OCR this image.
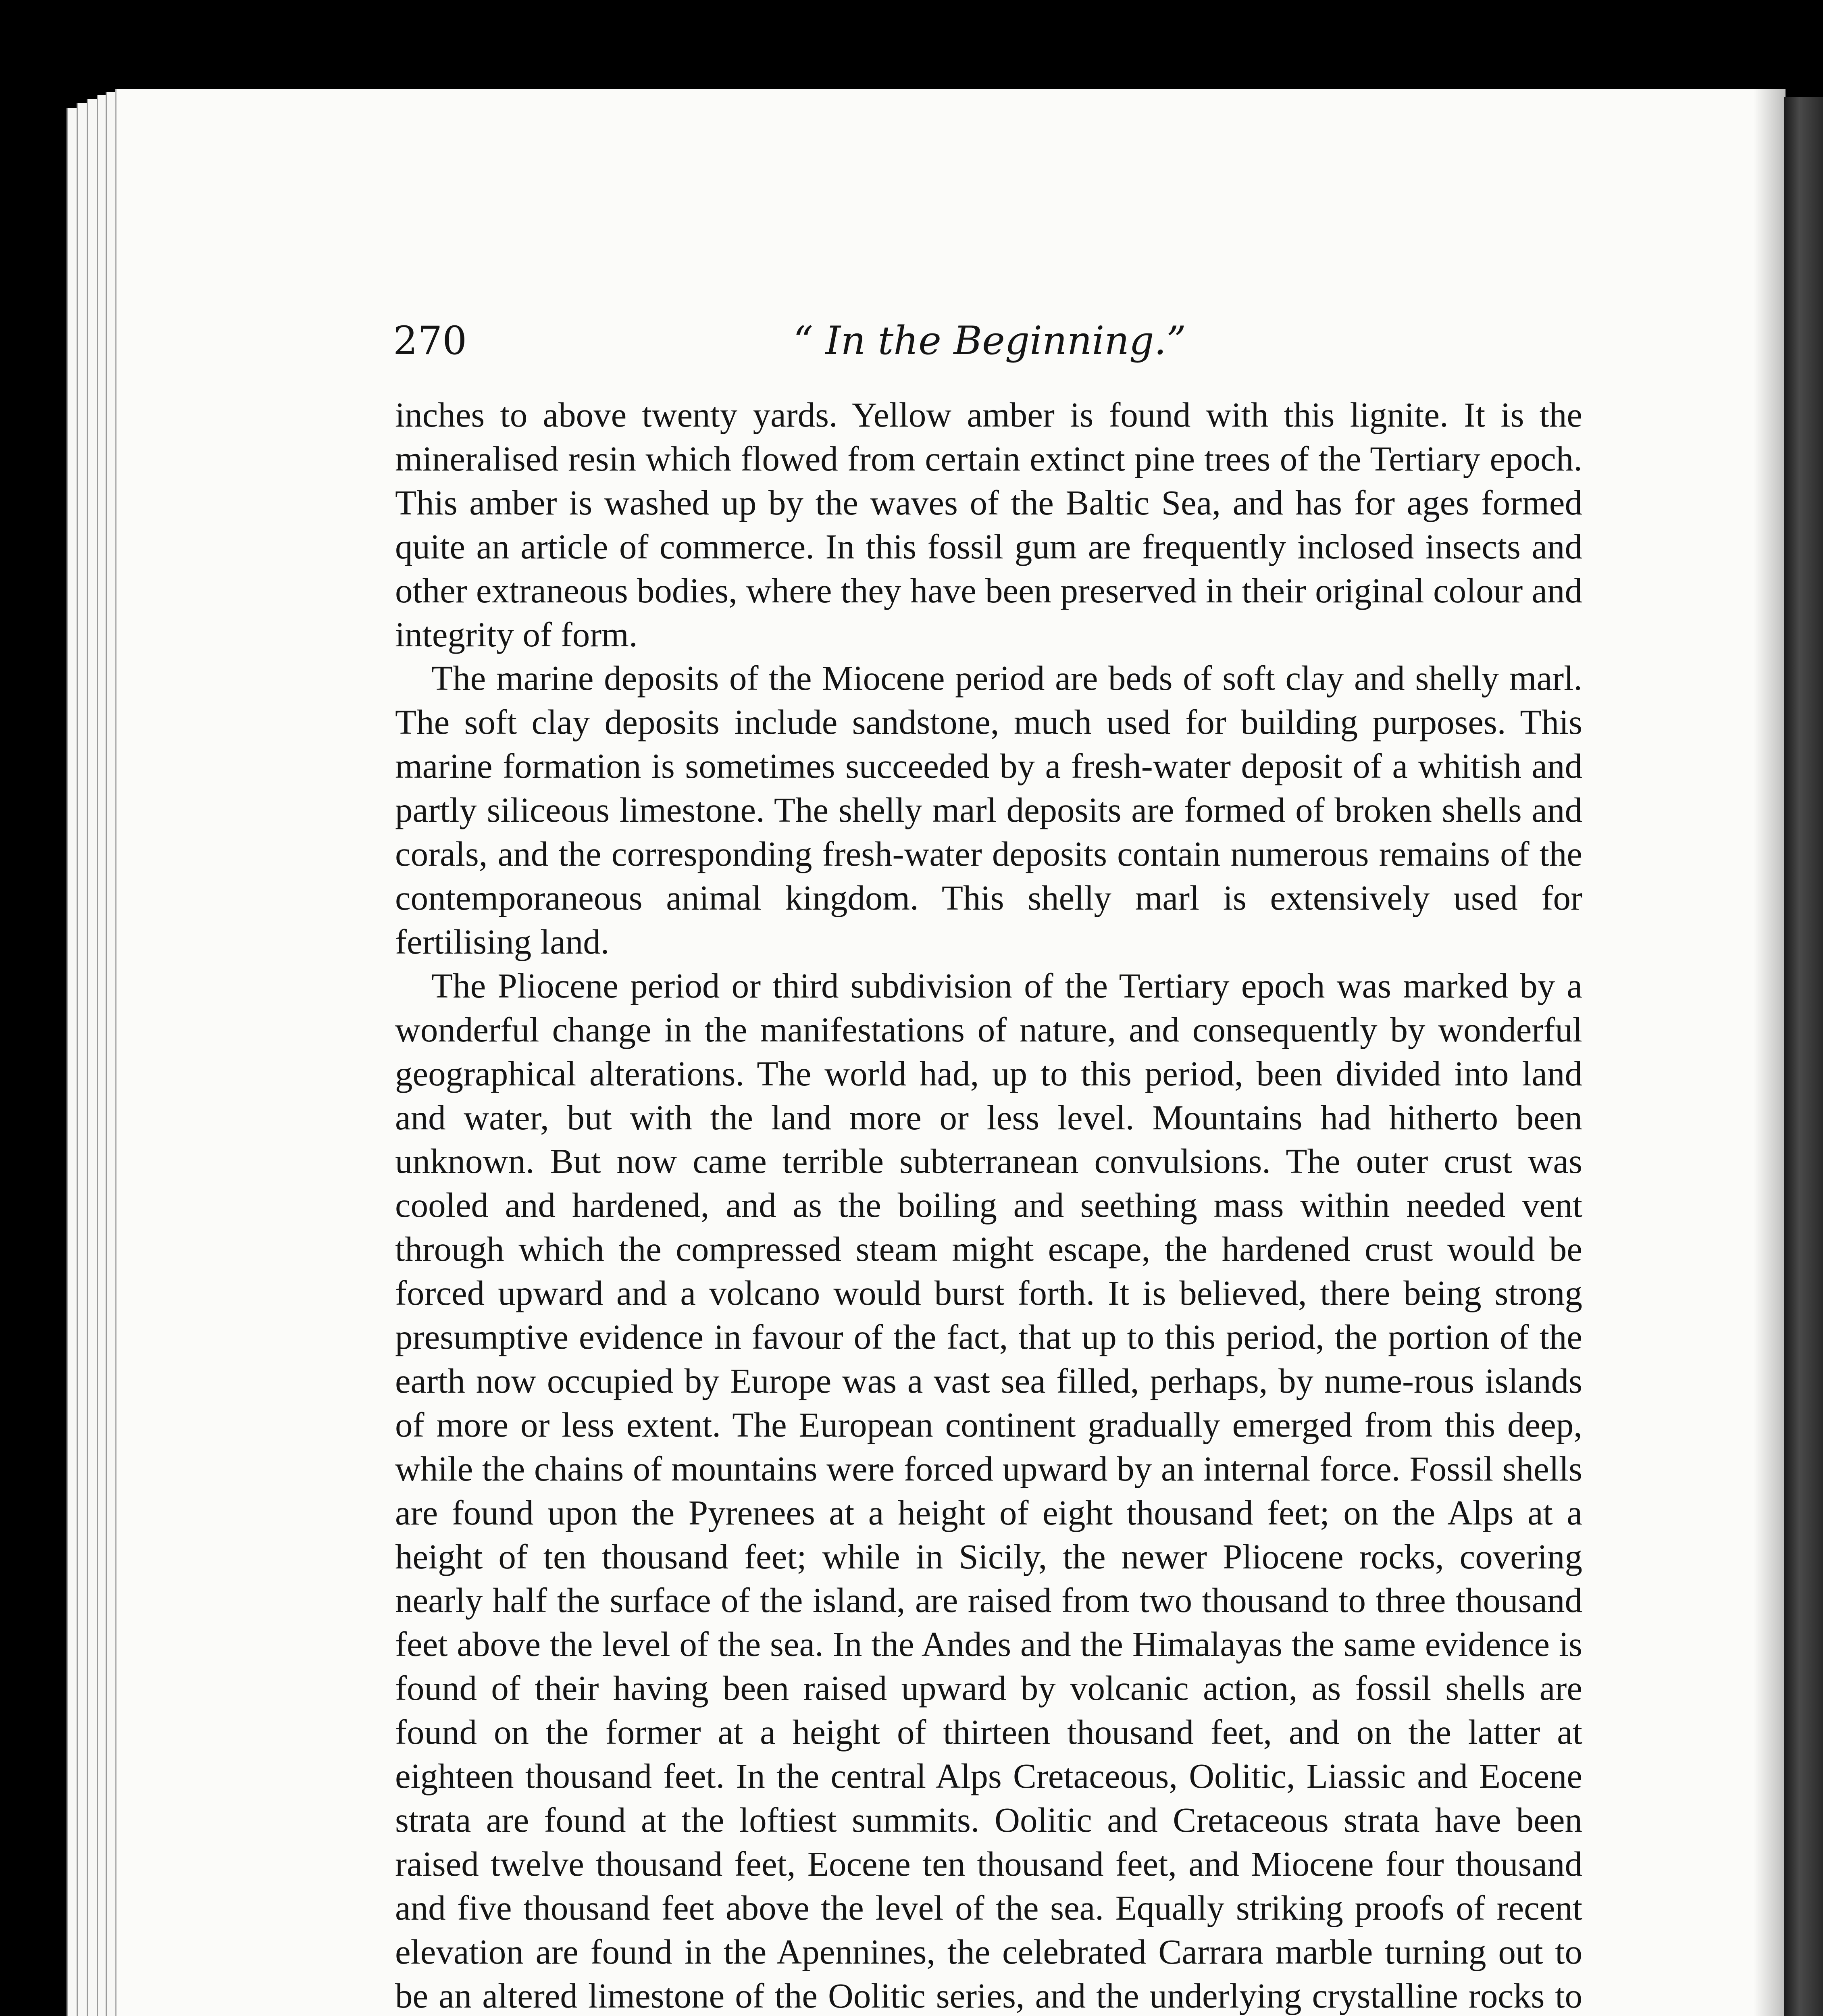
270	“ In the Beginning.”

inches to above twenty yards. Yellow amber is found with this lignite. It is the mineralised resin which flowed from certain extinct pine trees of the Tertiary epoch. This amber is washed up by the waves of the Baltic Sea, and has for ages formed quite an article of commerce. In this fossil gum are frequently inclosed insects and other extraneous bodies, where they have been preserved in their original colour and integrity of form.

The marine deposits of the Miocene period are beds of soft clay and shelly marl. The soft clay deposits include sandstone, much used for building purposes. This marine formation is sometimes succeeded by a fresh-water deposit of a whitish and partly siliceous limestone. The shelly marl deposits are formed of broken shells and corals, and the corresponding fresh-water deposits contain numerous remains of the contemporaneous animal kingdom. This shelly marl is extensively used for fertilising land.

The Pliocene period or third subdivision of the Tertiary epoch was marked by a wonderful change in the manifestations of nature, and consequently by wonderful geographical alterations. The world had, up to this period, been divided into land and water, but with the land more or less level. Mountains had hitherto been unknown. But now came terrible subterranean convulsions. The outer crust was cooled and hardened, and as the boiling and seething mass within needed vent through which the compressed steam might escape, the hardened crust would be forced upward and a volcano would burst forth. It is believed, there being strong presumptive evidence in favour of the fact, that up to this period, the portion of the earth now occupied by Europe was a vast sea filled, perhaps, by nume-rous islands of more or less extent. The European continent gradually emerged from this deep, while the chains of mountains were forced upward by an internal force. Fossil shells are found upon the Pyrenees at a height of eight thousand feet; on the Alps at a height of ten thousand feet; while in Sicily, the newer Pliocene rocks, covering nearly half the surface of the island, are raised from two thousand to three thousand feet above the level of the sea. In the Andes and the Himalayas the same evidence is found of their having been raised upward by volcanic action, as fossil shells are found on the former at a height of thirteen thousand feet, and on the latter at eighteen thousand feet. In the central Alps Cretaceous, Oolitic, Liassic and Eocene strata are found at the loftiest summits. Oolitic and Cretaceous strata have been raised twelve thousand feet, Eocene ten thousand feet, and Miocene four thousand and five thousand feet above the level of the sea. Equally striking proofs of recent elevation are found in the Apennines, the celebrated Carrara marble turning out to be an altered limestone of the Oolitic series, and the underlying crystalline rocks to
